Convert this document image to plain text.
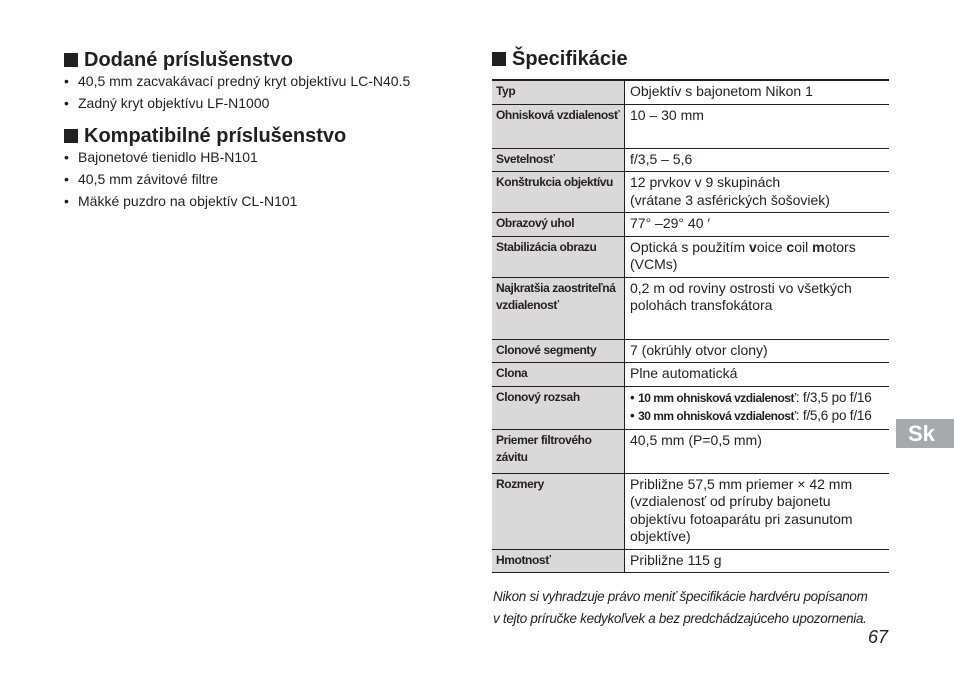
Dodané príslušenstvo
• 40,5 mm zacvakávací predný kryt objektívu LC-N40.5
• Zadný kryt objektívu LF-N1000
Kompatibilné príslušenstvo
• Bajonetové tienidlo HB-N101
• 40,5 mm závitové filtre
• Mäkké puzdro na objektív CL-N101
Špecifikácie
Typ	Objektív s bajonetom Nikon 1
Ohnisková vzdialenosť	10 – 30 mm
Svetelnosť	f/3,5 – 5,6
Konštrukcia objektívu	12 prvkov v 9 skupinách
(vrátane 3 asférických šošoviek)

Obrazový uhol	77° –29° 40 ′
Stabilizácia obrazu	Optická s použitím voice coil motors (VCMs)
Najkratšia zaostriteľná vzdialenosť	0,2 m od roviny ostrosti vo všetkých polohách transfokátora
Clonové segmenty	7 (okrúhly otvor clony)
Clona	Plne automatická
Clonový rozsah	• 10 mm ohnisková vzdialenosť: f/3,5 po f/16
• 30 mm ohnisková vzdialenosť: f/5,6 po f/16

Priemer filtrového závitu	40,5 mm (P=0,5 mm)
Rozmery	Približne 57,5 mm priemer × 42 mm (vzdialenosť od príruby bajonetu objektívu fotoaparátu pri zasunutom objektíve)
Hmotnosť	Približne 115 g
Nikon si vyhradzuje právo meniť špecifikácie hardvéru popísanom
v tejto príručke kedykoľvek a bez predchádzajúceho upozornenia.
67
Sk
